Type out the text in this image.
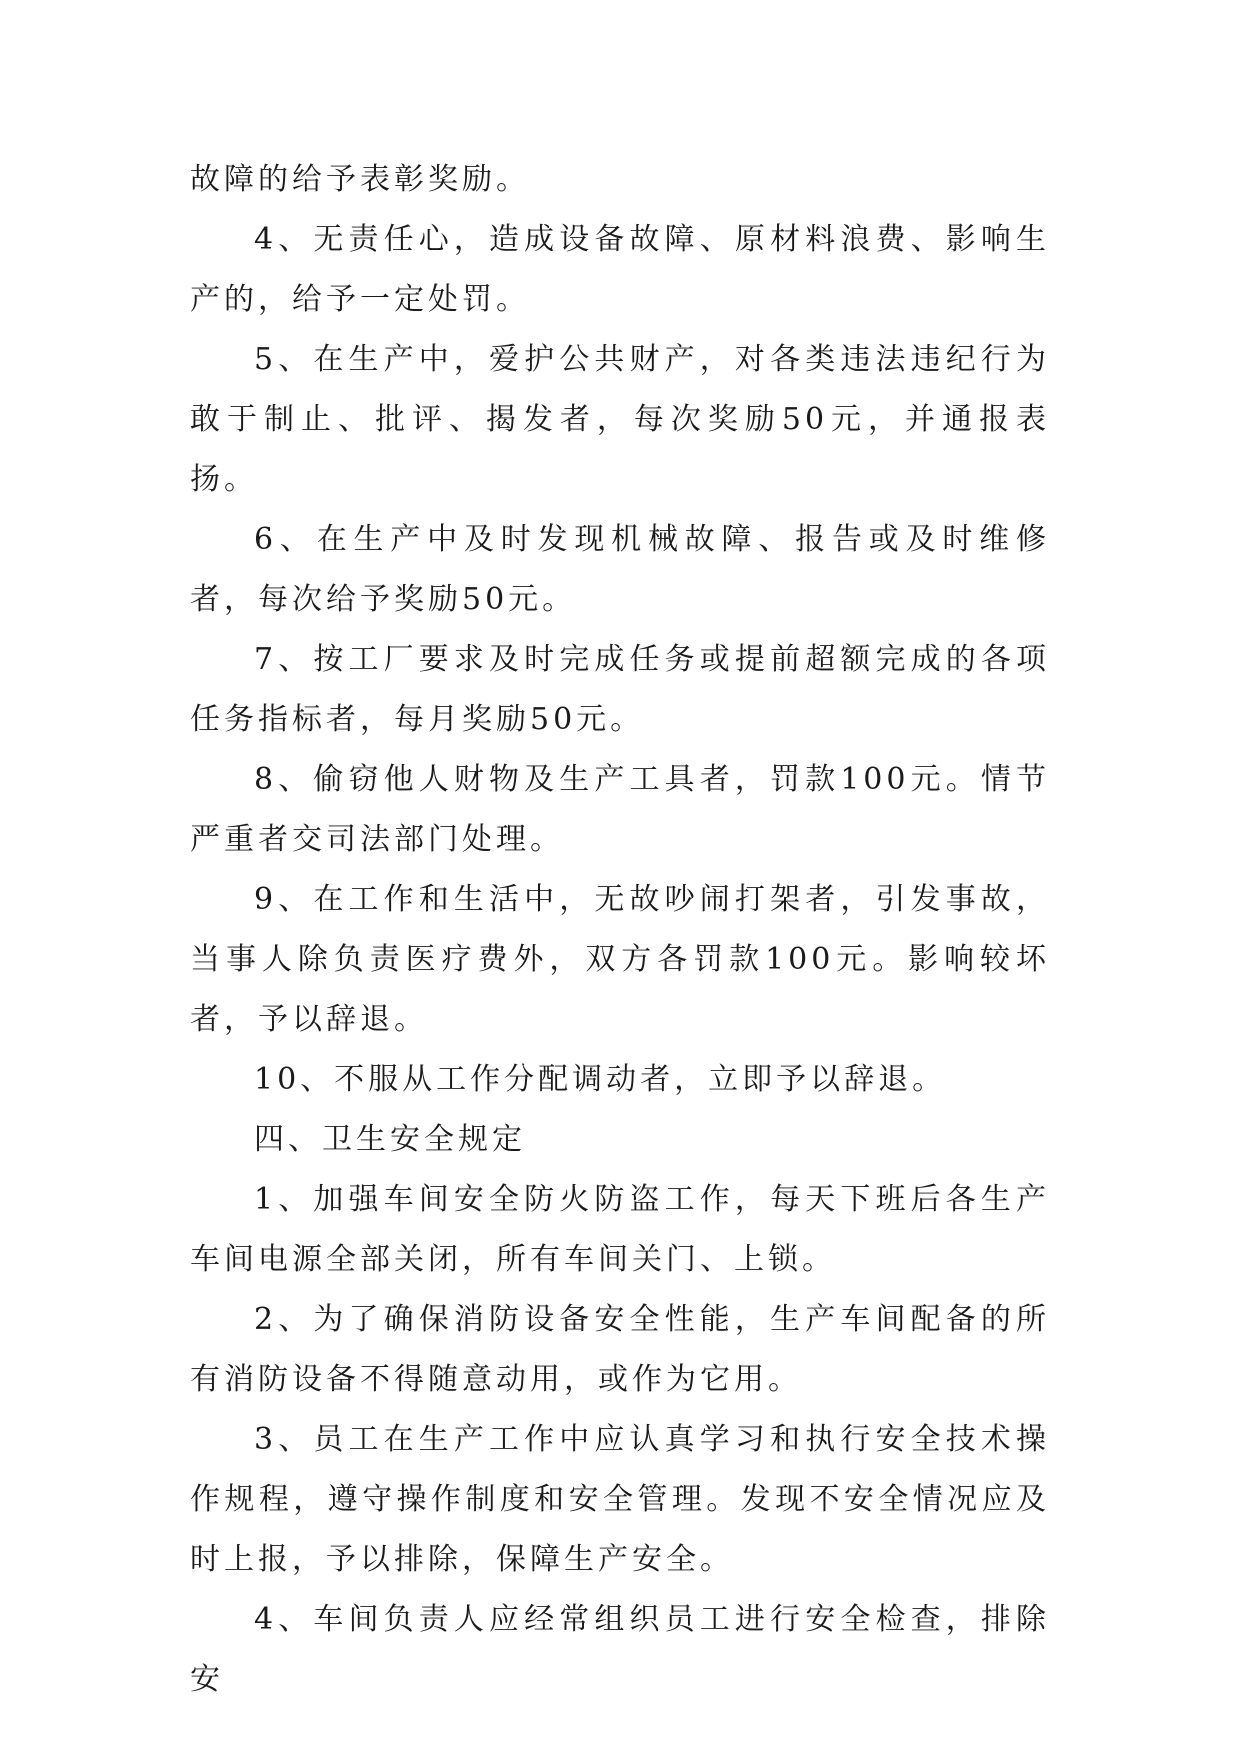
故障的给予表彰奖励。

4、无责任心，造成设备故障、原材料浪费、影响生产的，给予一定处罚。

5、在生产中，爱护公共财产，对各类违法违纪行为敢于制止、批评、揭发者，每次奖励50元，并通报表扬。

6、在生产中及时发现机械故障、报告或及时维修者，每次给予奖励50元。

7、按工厂要求及时完成任务或提前超额完成的各项任务指标者，每月奖励50元。

8、偷窃他人财物及生产工具者，罚款100元。情节严重者交司法部门处理。

9、在工作和生活中，无故吵闹打架者，引发事故，当事人除负责医疗费外，双方各罚款100元。影响较坏者，予以辞退。

10、不服从工作分配调动者，立即予以辞退。

四、卫生安全规定

1、加强车间安全防火防盗工作，每天下班后各生产车间电源全部关闭，所有车间关门、上锁。

2、为了确保消防设备安全性能，生产车间配备的所有消防设备不得随意动用，或作为它用。

3、员工在生产工作中应认真学习和执行安全技术操作规程，遵守操作制度和安全管理。发现不安全情况应及时上报，予以排除，保障生产安全。

4、车间负责人应经常组织员工进行安全检查，排除安
